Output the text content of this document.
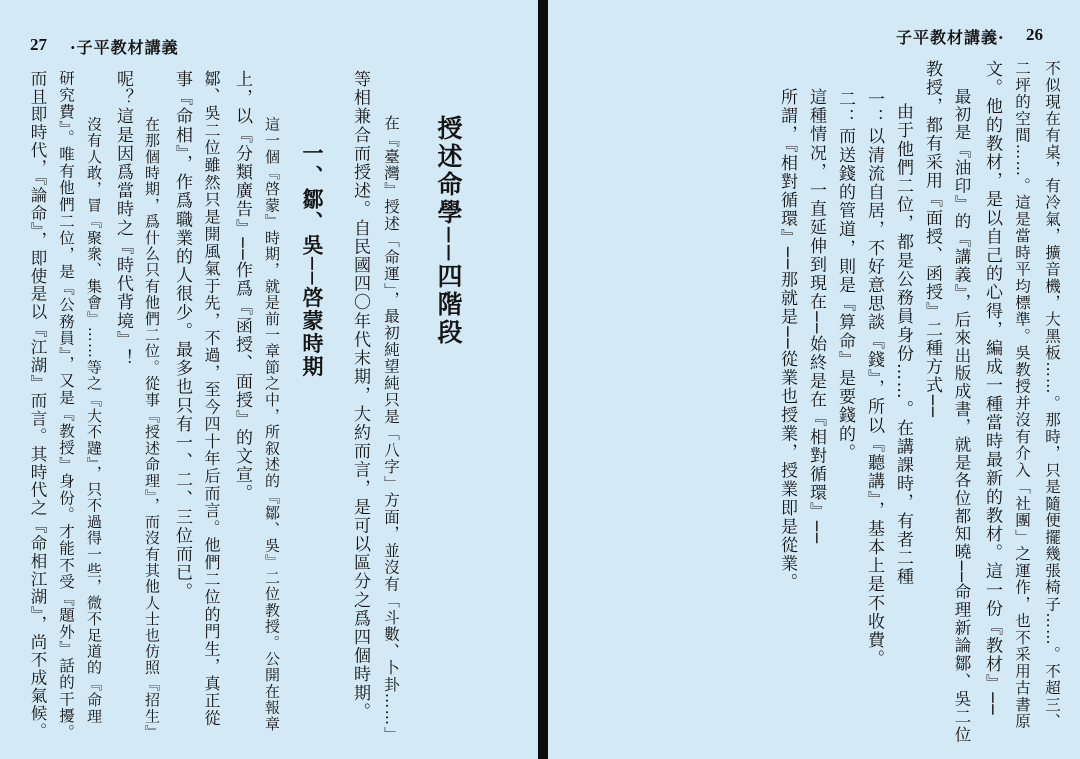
27 ·子平教材講義
授述命學──四階段
　在『臺灣』授述「命運」，最初純望純只是「八字」方面，並沒有「斗數、卜卦……」
等相兼合而授述。自民國四〇年代末期，大約而言，是可以區分之爲四個時期。
一、鄒、吳──啓蒙時期
　這一個『啓蒙』時期，就是前一章節之中，所叙述的『鄒、吳』二位教授。公開在報章
上，以『分類廣告』──作爲『函授、面授』的文宣。
鄒、吳二位雖然只是開風氣于先，不過，至今四十年后而言。他們二位的門生，真正從
事『命相』，作爲職業的人很少。最多也只有一、二、三位而已。
　在那個時期，爲什么只有他們二位。從事『授述命理』，而沒有其他人士也仿照『招生』
呢？這是因爲當時之『時代背境』！
　沒有人敢，冒『聚衆、集會』……等之『大不韙』，只不過得一些，微不足道的『命理
研究費』。唯有他們二位，是『公務員』，又是『教授』身份。才能不受『題外』話的干擾。
而且即時代，『論命』，即使是以『江湖』而言。其時代之『命相江湖』，尚不成氣候。
子平教材講義· 26
不似現在有桌，有冷氣，擴音機，大黑板……。那時，只是隨便擺幾張椅子……。不超三、
二坪的空間……。這是當時平均標準。吳教授并沒有介入「社團」之運作，也不采用古書原
文。他的教材，是以自己的心得，編成一種當時最新的教材。這一份『教材』──
　最初是『油印』的『講義』，后來出版成書，就是各位都知曉──命理新論鄒、吳二位
教授，都有采用『面授、函授』二種方式──
　由于他們二位，都是公務員身份……。在講課時，有者二種
一：以清流自居，不好意思談『錢』，所以『聽講』，基本上是不收費。
二：而送錢的管道，則是『算命』是要錢的。
這種情况，一直延伸到現在──始終是在『相對循環』──
所謂，『相對循環』──那就是──從業也授業，授業即是從業。
